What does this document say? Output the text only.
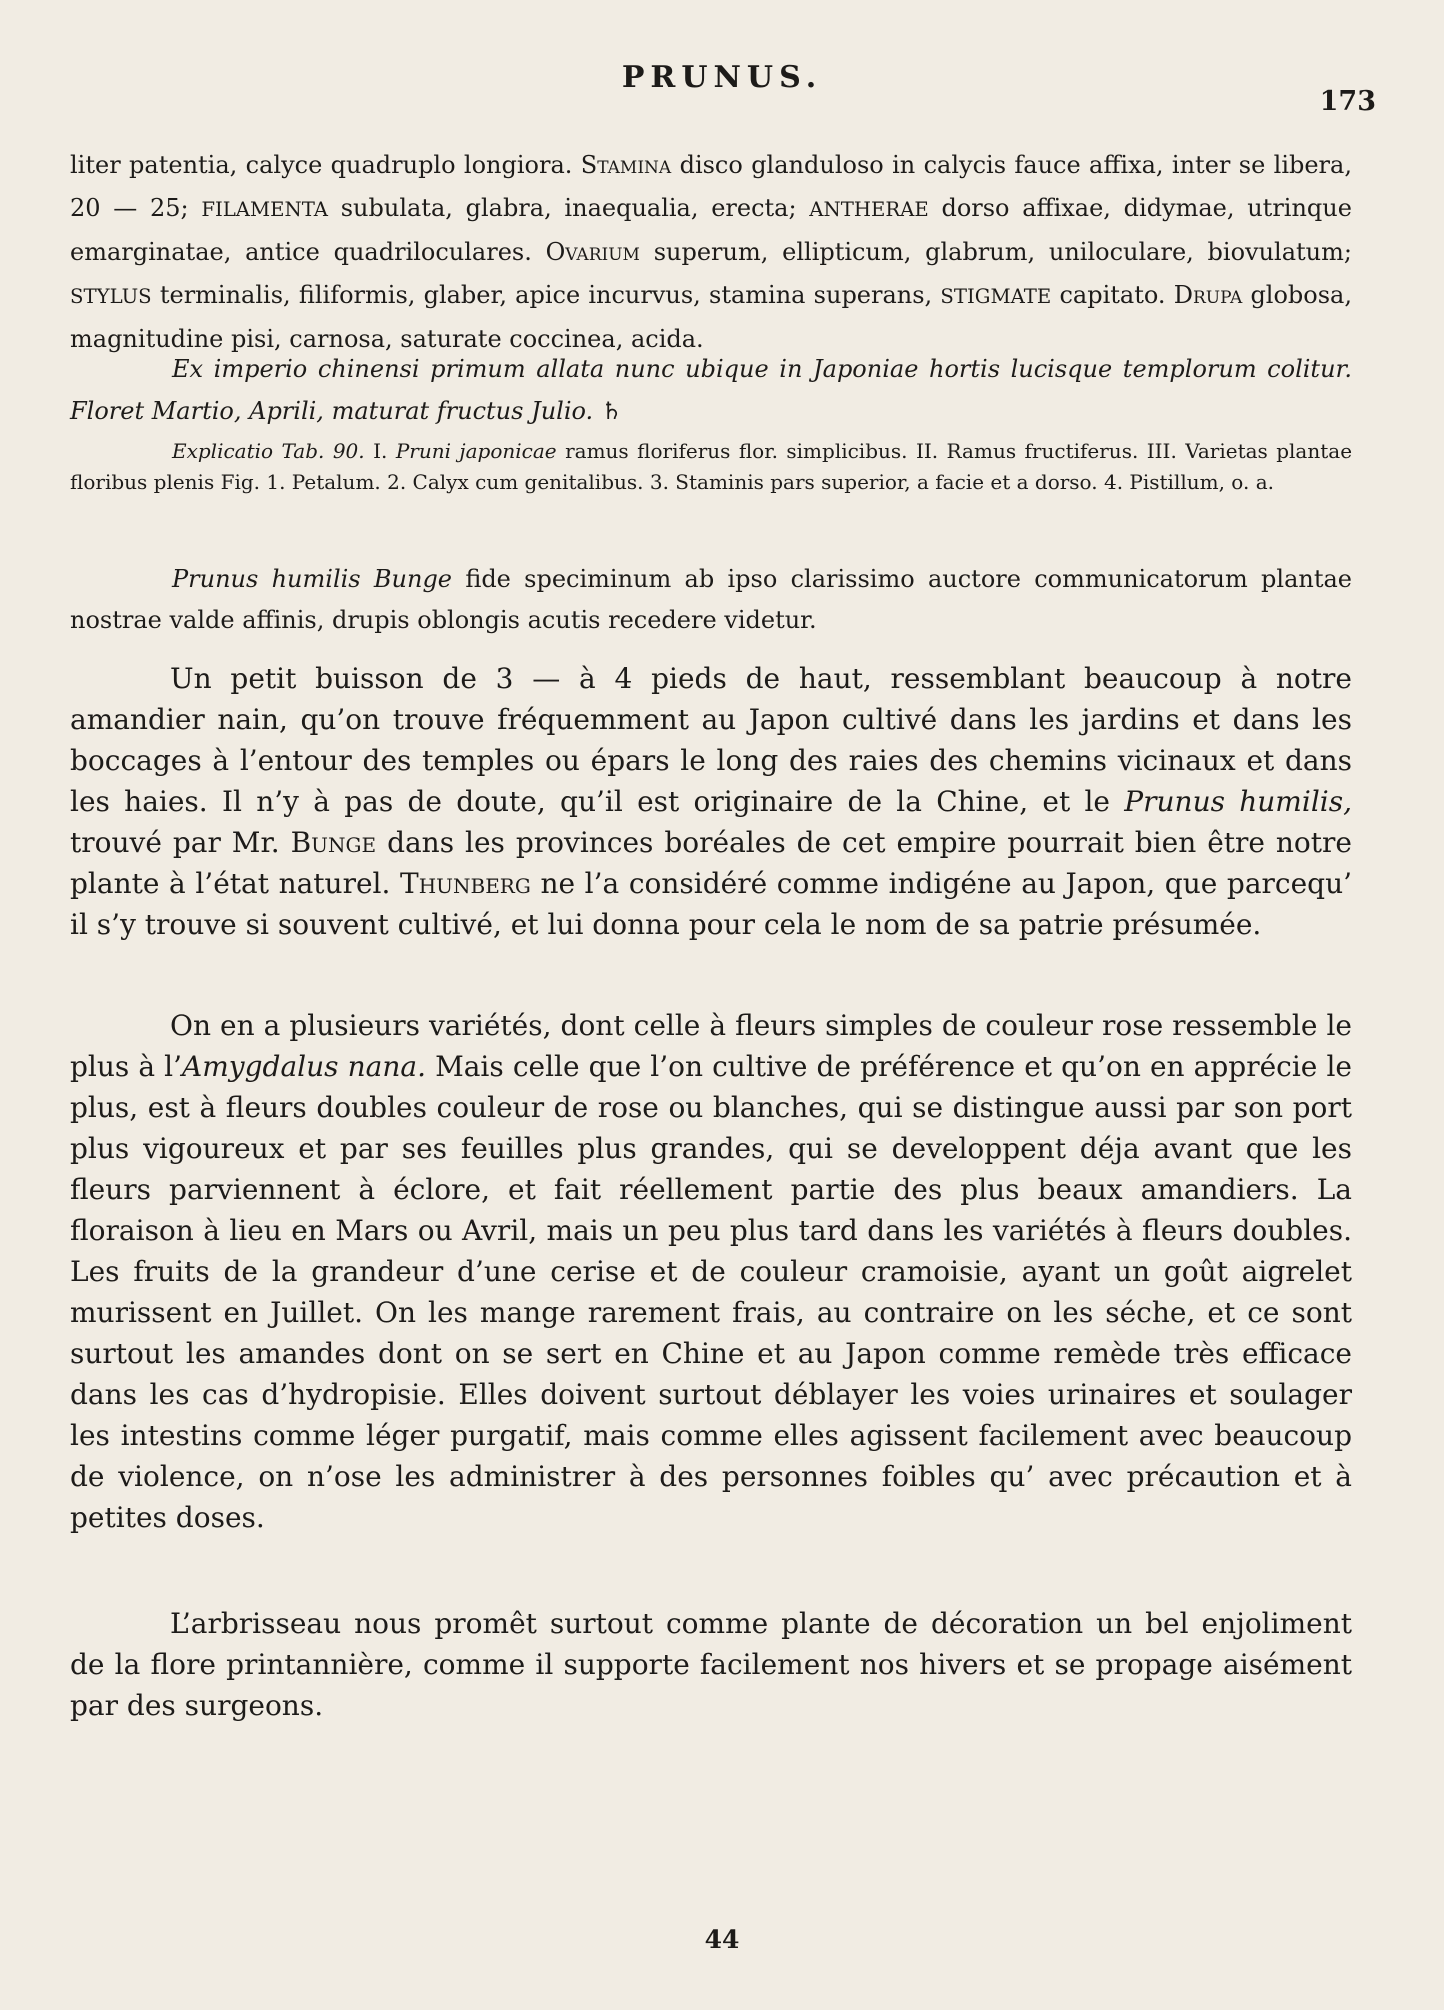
PRUNUS.
173
liter patentia, calyce quadruplo longiora. Stamina disco glanduloso in calycis fauce affixa, inter se libera, 20 — 25; FILAMENTA subulata, glabra, inaequalia, erecta; ANTHERAE dorso affixae, didymae, utrinque emarginatae, antice quadriloculares. Ovarium superum, ellipticum, glabrum, uniloculare, biovulatum; STYLUS terminalis, filiformis, glaber, apice incurvus, stamina superans, STIGMATE capitato. Drupa globosa, magnitudine pisi, carnosa, saturate coccinea, acida.
Ex imperio chinensi primum allata nunc ubique in Japoniae hortis lucisque templorum colitur. Floret Martio, Aprili, maturat fructus Julio. ♄
Explicatio Tab. 90. I. Pruni japonicae ramus floriferus flor. simplicibus. II. Ramus fructiferus. III. Varietas plantae floribus plenis Fig. 1. Petalum. 2. Calyx cum genitalibus. 3. Staminis pars superior, a facie et a dorso. 4. Pistillum, o. a.
Prunus humilis Bunge fide speciminum ab ipso clarissimo auctore communicatorum plantae nostrae valde affinis, drupis oblongis acutis recedere videtur.
Un petit buisson de 3 — à 4 pieds de haut, ressemblant beaucoup à notre amandier nain, qu’on trouve fréquemment au Japon cultivé dans les jardins et dans les boccages à l’entour des temples ou épars le long des raies des chemins vicinaux et dans les haies. Il n’y à pas de doute, qu’il est originaire de la Chine, et le Prunus humilis, trouvé par Mr. Bunge dans les provinces boréales de cet empire pourrait bien être notre plante à l’état naturel. Thunberg ne l’a considéré comme indigéne au Japon, que parcequ’ il s’y trouve si souvent cultivé, et lui donna pour cela le nom de sa patrie présumée.
On en a plusieurs variétés, dont celle à fleurs simples de couleur rose ressemble le plus à l’Amygdalus nana. Mais celle que l’on cultive de préférence et qu’on en apprécie le plus, est à fleurs doubles couleur de rose ou blanches, qui se distingue aussi par son port plus vigoureux et par ses feuilles plus grandes, qui se developpent déja avant que les fleurs parviennent à éclore, et fait réellement partie des plus beaux amandiers. La floraison à lieu en Mars ou Avril, mais un peu plus tard dans les variétés à fleurs doubles. Les fruits de la grandeur d’une cerise et de couleur cramoisie, ayant un goût aigrelet murissent en Juillet. On les mange rarement frais, au contraire on les séche, et ce sont surtout les amandes dont on se sert en Chine et au Japon comme remède très efficace dans les cas d’hydropisie. Elles doivent surtout déblayer les voies urinaires et soulager les intestins comme léger purgatif, mais comme elles agissent facilement avec beaucoup de violence, on n’ose les administrer à des personnes foibles qu’ avec précaution et à petites doses.
L’arbrisseau nous promêt surtout comme plante de décoration un bel enjoliment de la flore printannière, comme il supporte facilement nos hivers et se propage aisément par des surgeons.
44
